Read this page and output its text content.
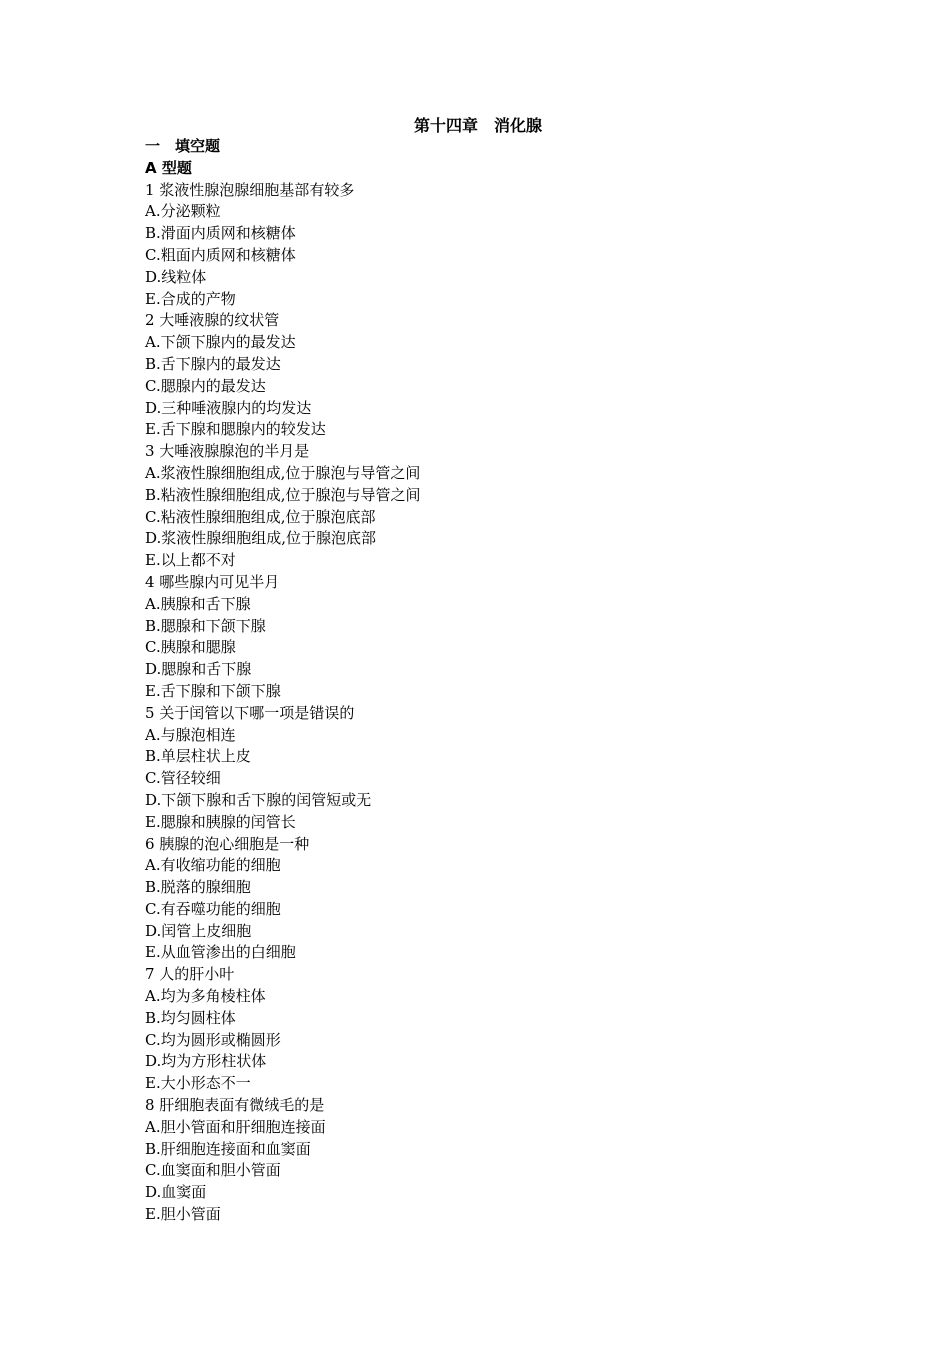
第十四章　消化腺
一　填空题
A 型题
1 浆液性腺泡腺细胞基部有较多
A.分泌颗粒
B.滑面内质网和核糖体
C.粗面内质网和核糖体
D.线粒体
E.合成的产物
2 大唾液腺的纹状管
A.下颌下腺内的最发达
B.舌下腺内的最发达
C.腮腺内的最发达
D.三种唾液腺内的均发达
E.舌下腺和腮腺内的较发达
3 大唾液腺腺泡的半月是
A.浆液性腺细胞组成,位于腺泡与导管之间
B.粘液性腺细胞组成,位于腺泡与导管之间
C.粘液性腺细胞组成,位于腺泡底部
D.浆液性腺细胞组成,位于腺泡底部
E.以上都不对
4 哪些腺内可见半月
A.胰腺和舌下腺
B.腮腺和下颌下腺
C.胰腺和腮腺
D.腮腺和舌下腺
E.舌下腺和下颌下腺
5 关于闰管以下哪一项是错误的
A.与腺泡相连
B.单层柱状上皮
C.管径较细
D.下颌下腺和舌下腺的闰管短或无
E.腮腺和胰腺的闰管长
6 胰腺的泡心细胞是一种
A.有收缩功能的细胞
B.脱落的腺细胞
C.有吞噬功能的细胞
D.闰管上皮细胞
E.从血管渗出的白细胞
7 人的肝小叶
A.均为多角棱柱体
B.均匀圆柱体
C.均为圆形或椭圆形
D.均为方形柱状体
E.大小形态不一
8 肝细胞表面有微绒毛的是
A.胆小管面和肝细胞连接面
B.肝细胞连接面和血窦面
C.血窦面和胆小管面
D.血窦面
E.胆小管面
